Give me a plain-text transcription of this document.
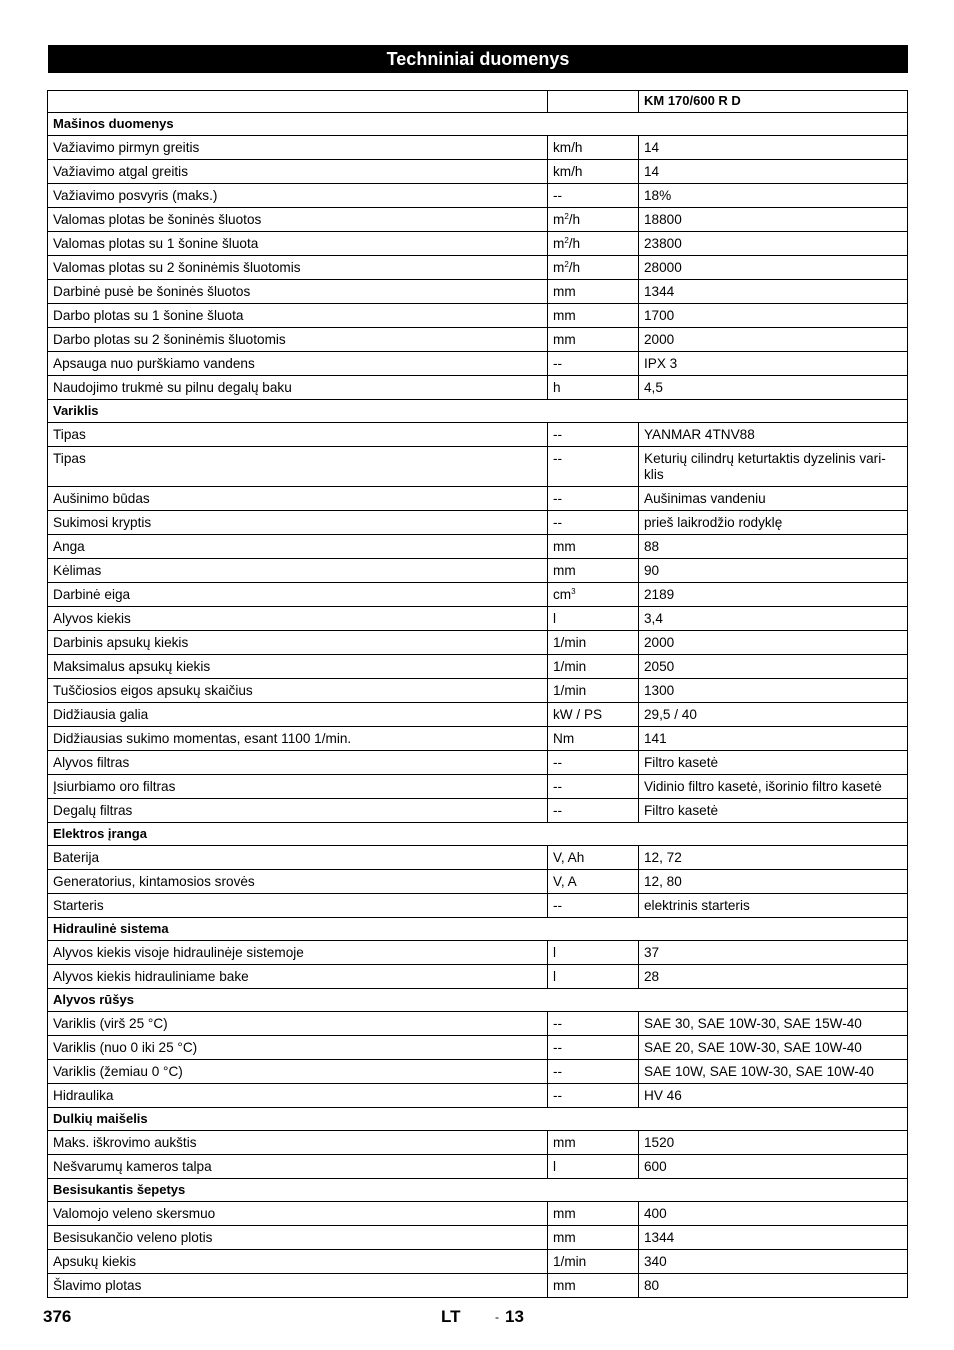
Techniniai duomenys
		KM 170/600 R D
Mašinos duomenys		
Važiavimo pirmyn greitis	km/h	14
Važiavimo atgal greitis	km/h	14
Važiavimo posvyris (maks.)	--	18%
Valomas plotas be šoninės šluotos	$m^2/h$	18800
Valomas plotas su 1 šonine šluota	$m^2/h$	23800
Valomas plotas su 2 šoninėmis šluotomis	$m^2/h$	28000
Darbinė pusė be šoninės šluotos	mm	1344
Darbo plotas su 1 šonine šluota	mm	1700
Darbo plotas su 2 šoninėmis šluotomis	mm	2000
Apsauga nuo purškiamo vandens	--	IPX 3
Naudojimo trukmė su pilnu degalų baku	h	4,5
Variklis		
Tipas	--	YANMAR 4TNV88
Tipas	--	Keturių cilindrų keturtaktis dyzelinis vari-
klis
Aušinimo būdas	--	Aušinimas vandeniu
Sukimosi kryptis	--	prieš laikrodžio rodyklę
Anga	mm	88
Kėlimas	mm	90
Darbinė eiga	$cm^3$	2189
Alyvos kiekis	l	3,4
Darbinis apsukų kiekis	1/min	2000
Maksimalus apsukų kiekis	1/min	2050
Tuščiosios eigos apsukų skaičius	1/min	1300
Didžiausia galia	kW / PS	29,5 / 40
Didžiausias sukimo momentas, esant 1100 1/min.	Nm	141
Alyvos filtras	--	Filtro kasetė
Įsiurbiamo oro filtras	--	Vidinio filtro kasetė, išorinio filtro kasetė
Degalų filtras	--	Filtro kasetė
Elektros įranga		
Baterija	V, Ah	12, 72
Generatorius, kintamosios srovės	V, A	12, 80
Starteris	--	elektrinis starteris
Hidraulinė sistema		
Alyvos kiekis visoje hidraulinėje sistemoje	l	37
Alyvos kiekis hidrauliniame bake	l	28
Alyvos rūšys		
Variklis (virš 25 °C)	--	SAE 30, SAE 10W-30, SAE 15W-40
Variklis (nuo 0 iki 25 °C)	--	SAE 20, SAE 10W-30, SAE 10W-40
Variklis (žemiau 0 °C)	--	SAE 10W, SAE 10W-30, SAE 10W-40
Hidraulika	--	HV 46
Dulkių maišelis		
Maks. iškrovimo aukštis	mm	1520
Nešvarumų kameros talpa	l	600
Besisukantis šepetys		
Valomojo veleno skersmuo	mm	400
Besisukančio veleno plotis	mm	1344
Apsukų kiekis	1/min	340
Šlavimo plotas	mm	80
376	LT	- 13
